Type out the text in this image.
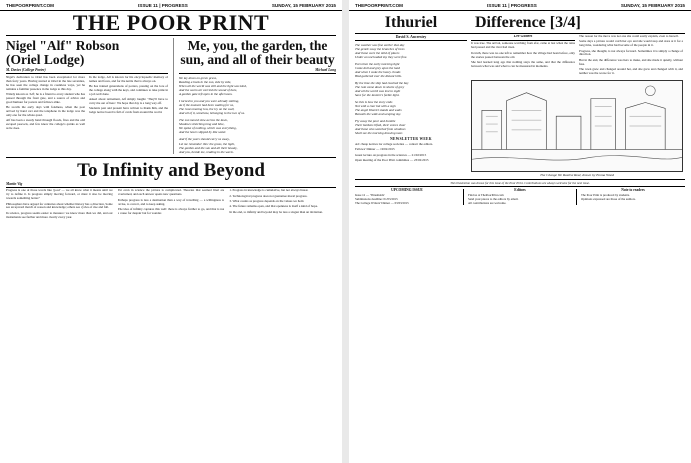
THEPOORPRINT.COM	ISSUE 11 | PROGRESS	SUNDAY, 15 FEBRUARY 2015
THE POOR PRINT
Nigel "Alf" Robson
(Oriel Lodge)
M. Davies (College Porter)

Nigel's dedication to Oriel has been exceptional for more than forty years. Having started at Oriel in the late seventies, he has seen the college change in countless ways, yet he remains a familiar presence in the lodge to this day.

Widely known as 'Alf', he is a friend to every student who has passed through the front gate, and a source of advice and good humour for porters and fellows alike.

He recalls the early days with fondness, when the post arrived by hand cart and the telephone in the lodge was the only one for the whole quad.

Alf has been a steady hand through floods, fires and the odd escaped peacock, and few know the college's quirks as well as he does.

In the lodge, Alf is known for his encyclopaedic memory of names and faces, and for the kettle that is always on.

He has trained generations of porters, passing on the lore of the college along with the keys, and continues to take pride in a job well done.

Asked about retirement, Alf simply laughs: 'They'll have to carry me out of here.' We hope that day is a long way off.

Students past and present have written to thank him, and the lodge notice board is full of cards from around the world.

Me, you, the garden, the
sun, and all of their beauty
Michael Long
We lay down on green grass,
Reading a book in the sun, side by side,
When all the world was still and the light was kind,
And the warm air carried the sound of bees,
A garden gate left open in the afternoon.
I turned to you and you were already smiling,
As if the moment had been waiting for us,
The roses leaning low, the ivy on the wall,
And all of it, somehow, belonging to the two of us.
The sun moved slow across the lawn,
Shadows stretching long and blue,
We spoke of nothing, which was everything,
And the hours slipped by like water.
And if the years should carry us away,
Let me remember this: the grass, the light,
The garden and the sun and all their beauty,
And you, beside me, reading in the warm.
To Infinity and Beyond
Martin Vig

Progress is one of those words like 'good' — we all know what it means until we try to define it. Is progress simply moving forward, or must it also be moving towards something better?

Philosophers have argued for centuries about whether history has a direction. Some see an upward march of reason and knowledge; others see cycles of rise and fall.

In science, progress seems easier to measure: we know more than we did, and our instruments see further and more clearly every year.

Yet even in science the picture is complicated. Theories that seemed final are overturned, and each answer opens new questions.

Perhaps progress is less a destination than a way of travelling — a willingness to revise, to correct, and to keep asking.

The idea of infinity captures this well: there is always further to go, and that is not a cause for despair but for wonder.

1. Progress in knowledge is cumulative, but not always linear.

2. Technological progress does not guarantee moral progress.

3. What counts as progress depends on the values we hold.

4. The future remains open, and that openness is itself a kind of hope.

In the end, to infinity and beyond may be less a slogan than an invitation.

THEPOORPRINT.COM	ISSUE 11 | PROGRESS	SUNDAY, 15 FEBRUARY 2015
Ithuriel	Difference [3/4]
David S. Ancrestry
The weather was fine earlier that day
The gentle sway the branches of trees
And those were the mild of places
Under an unclouded sky they were fine.
Even then the early morning light
Came dull and grey upon the land
And when I woke the heavy clouds
Had gathered over the distant hills.
By the time the ship had reached the bay
The rain came down in sheets of grey
And all the world was lost to sight
Save for the lantern's feeble light.
So this is how the story ends
Not with a roar but with a sigh
The angel Ithuriel stands and waits
Beneath the wide and weeping sky.
Fly away the poor and humble
Their burdens lifted, their voices clear
And those who watched from windows
Shall see the morning drawing near.
NEWSLETTER WEEK

Ad: cheap notices for college societies — contact the editors.

Fellows' Dinner — 19/02/2015

Guest lecture on progress in the sciences — 21/02/2015

Open meeting of the Poor Print committee — 23/02/2015

Lee Gilbert

It was true. The arrival, someone watching from afar, came at last when the rains had passed and the river had risen.

In truth, there was no one left to remember how the village had been before, only the stories passed between the old.

She had learned long ago that nothing stays the same, and that the difference between what was and what is can be measured in moments.

The reason for the move was not one she could easily explain, even to herself.

Some days a picture would catch her eye and she would stop and stare at it for a long time, wondering what had become of the people in it.

Progress, she thought, is not always forward. Sometimes it is simply a change of direction.

But in the end, the difference was hers to make, and she made it quietly, without fuss.

The town grew and changed around her, and she grew and changed with it, and neither was the worse for it.

The Change We Realise Real, drawn by Emma Wood
This illustration was drawn for this issue of the Poor Print. Contributions are always welcome for the next issue.
UPCOMING ISSUE
Issue 12 — 'Thresholds'
Submissions deadline: 01/03/2015
The College Writers' Dinner — 03/03/2015
Editors
Find us at ThePoorPrint.com
Send your pieces to the editors by email.
All contributions are welcome.
Note to readers
The Poor Print is produced by students.
Opinions expressed are those of the authors.
